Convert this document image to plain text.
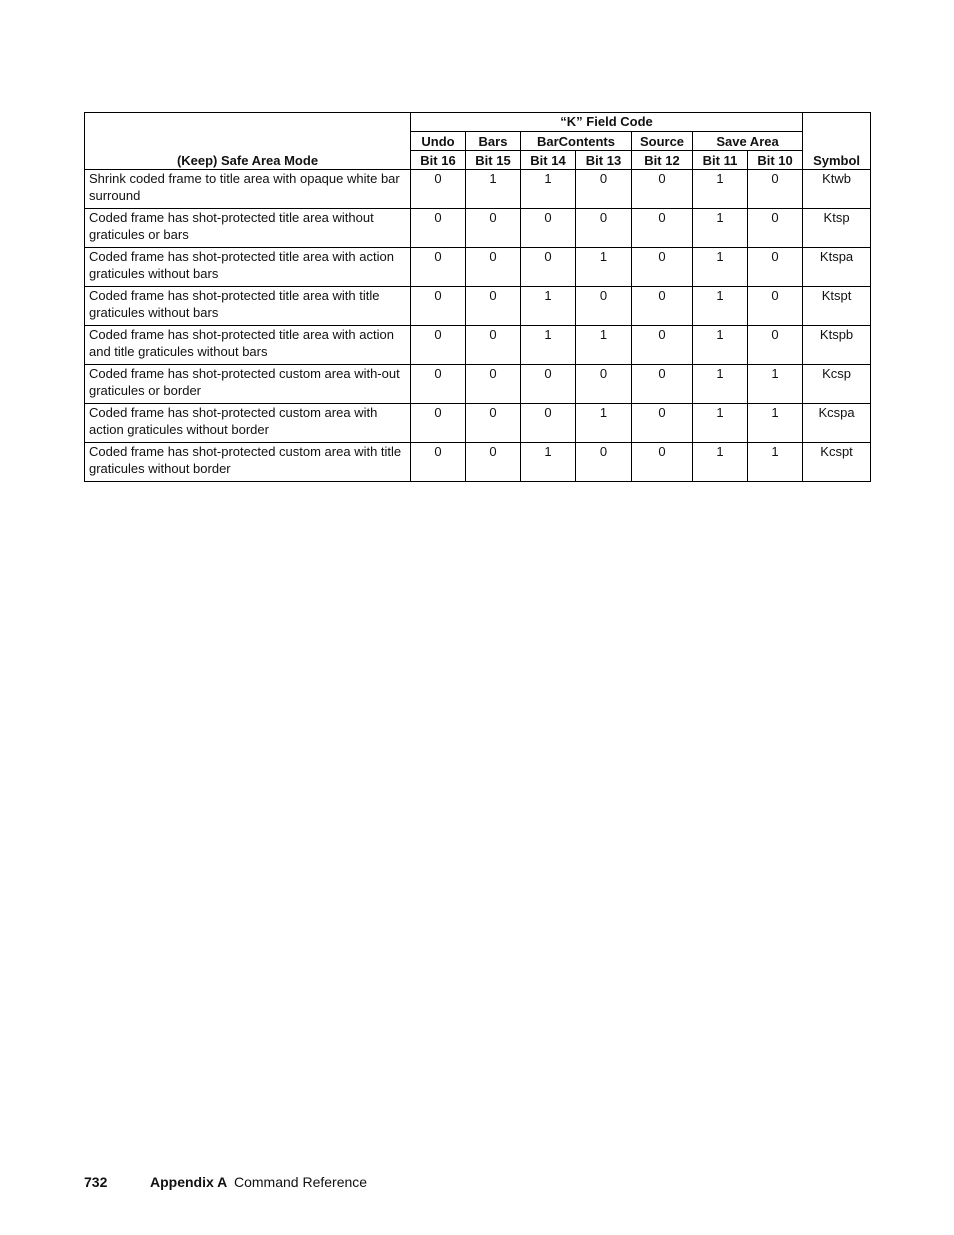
(Keep) Safe Area Mode	“K” Field Code							Symbol
	Undo	Bars	BarContents		Source	Save Area		
	Bit 16	Bit 15	Bit 14	Bit 13	Bit 12	Bit 11	Bit 10	
Shrink coded frame to title area with opaque white bar surround	0	1	1	0	0	1	0	Ktwb
Coded frame has shot-protected title area without graticules or bars	0	0	0	0	0	1	0	Ktsp
Coded frame has shot-protected title area with action graticules without bars	0	0	0	1	0	1	0	Ktspa
Coded frame has shot-protected title area with title graticules without bars	0	0	1	0	0	1	0	Ktspt
Coded frame has shot-protected title area with action and title graticules without bars	0	0	1	1	0	1	0	Ktspb
Coded frame has shot-protected custom area with-out graticules or border	0	0	0	0	0	1	1	Kcsp
Coded frame has shot-protected custom area with action graticules without border	0	0	0	1	0	1	1	Kcspa
Coded frame has shot-protected custom area with title graticules without border	0	0	1	0	0	1	1	Kcspt
732	Appendix A Command Reference
